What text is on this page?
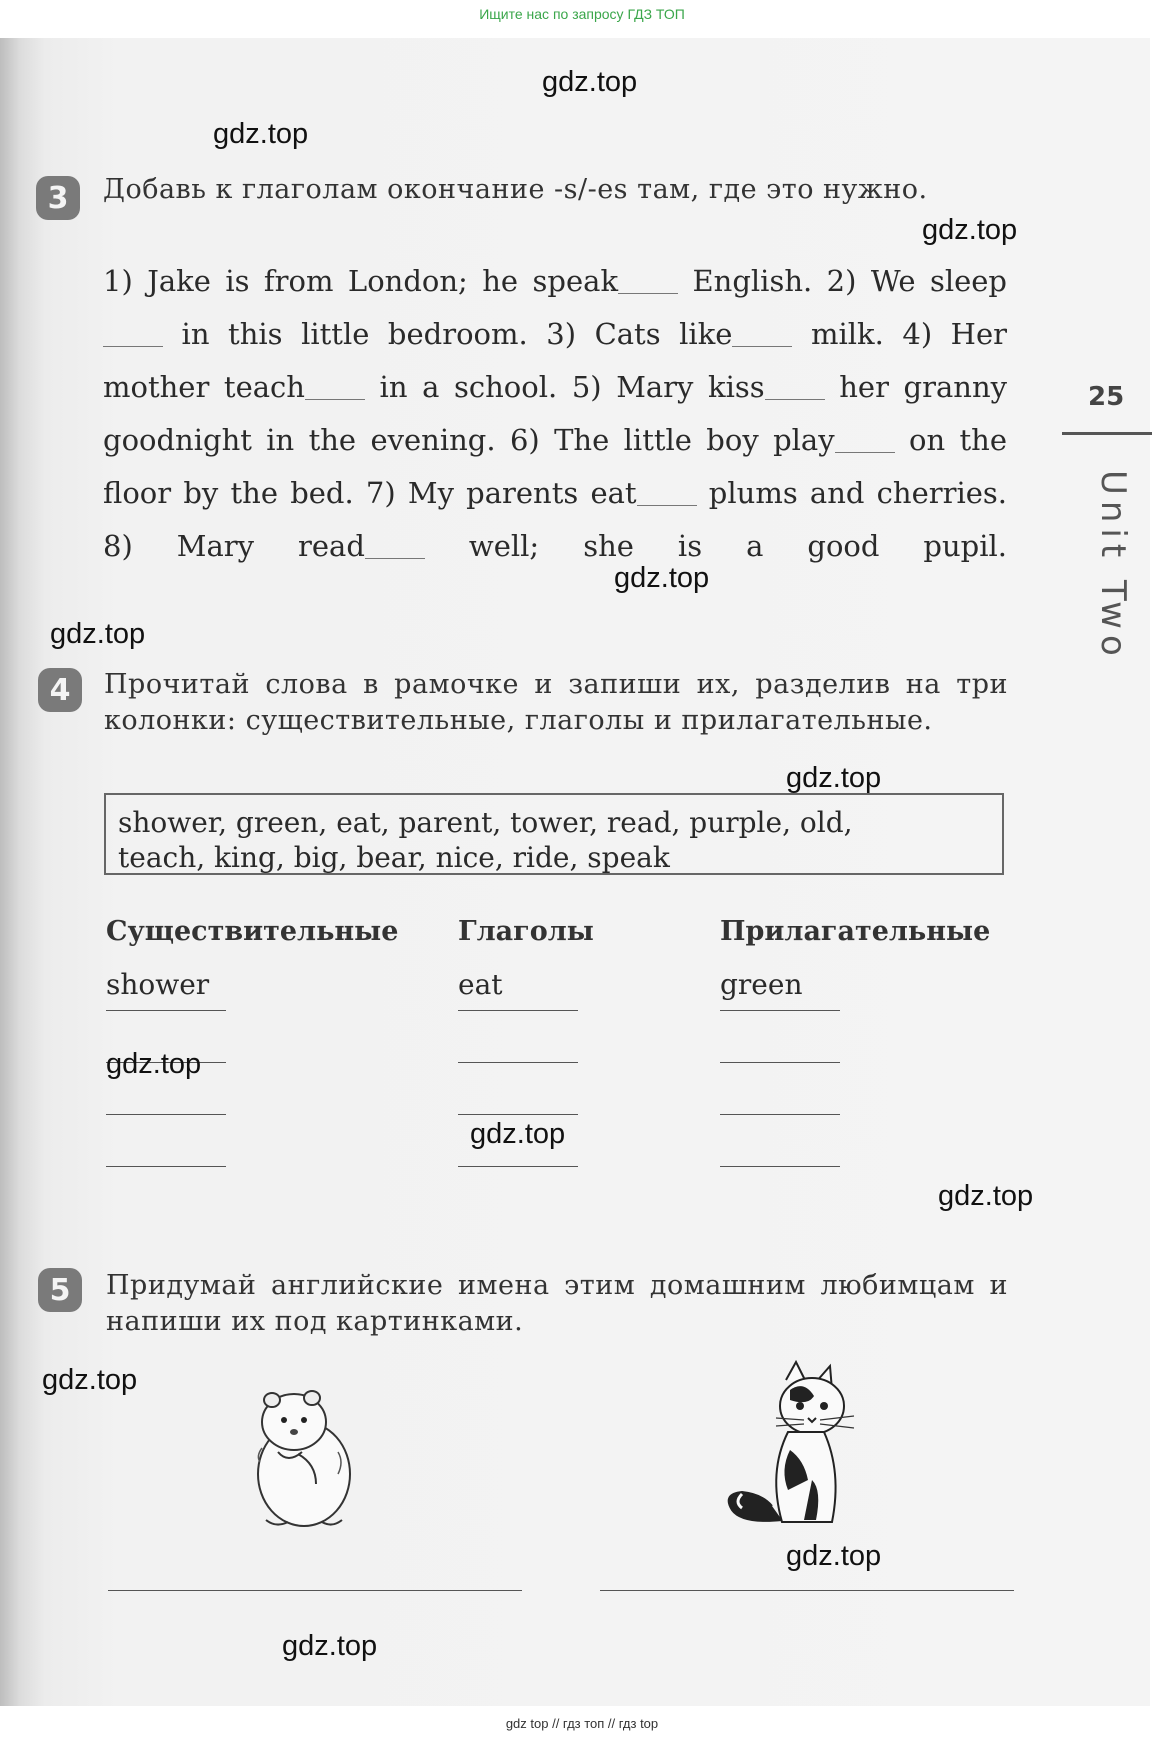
Ищите нас по запросу ГДЗ ТОП
25
Unit Two
3	Добавь к глаголам окончание -s/-es там, где это нужно.
1) Jake is from London; he speak English. 2) We sleep in this little bedroom. 3) Cats like milk. 4) Her mother teach in a school. 5) Mary kiss her granny goodnight in the evening. 6) The little boy play on the floor by the bed. 7) My parents eat plums and cherries. 8) Mary read well; she is a good pupil.
4	Прочитай слова в рамочке и запиши их, разделив на три колонки: существительные, глаголы и прилагательные.
shower, green, eat, parent, tower, read, purple, old,
teach, king, big, bear, nice, ride, speak
Существительные Глаголы	Прилагательные
shower	eat	green
5	Придумай английские имена этим домашним любимцам и напиши их под картинками.
gdz.top
gdz.top
gdz.top
gdz.top
gdz.top
gdz.top
gdz.top
gdz.top
gdz.top
gdz.top
gdz.top
gdz.top
gdz top // гдз топ // гдз top
